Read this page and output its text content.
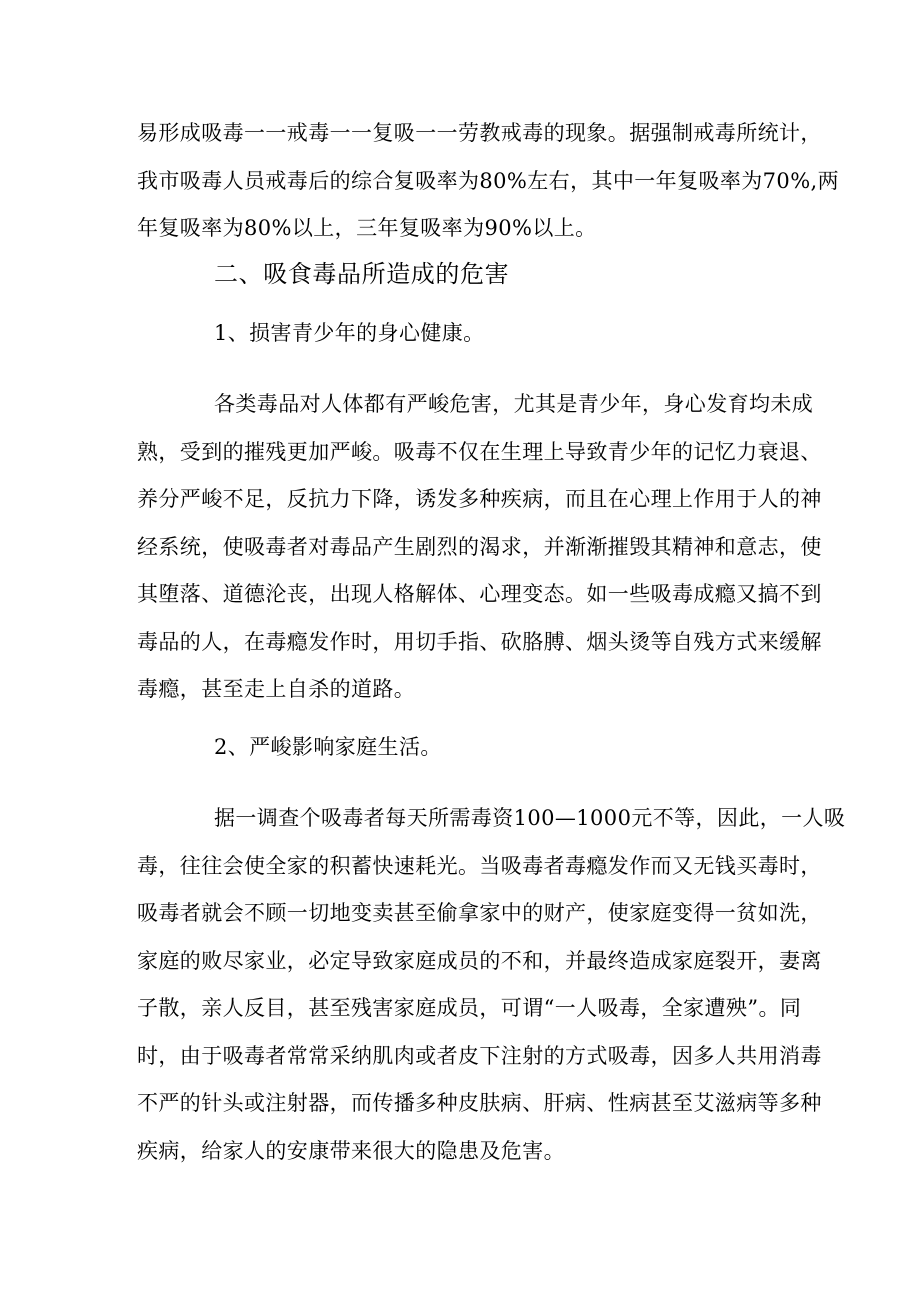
易形成吸毒一一戒毒一一复吸一一劳教戒毒的现象。据强制戒毒所统计，
我市吸毒人员戒毒后的综合复吸率为80%左右，其中一年复吸率为70%,两
年复吸率为80%以上，三年复吸率为90%以上。
二、吸食毒品所造成的危害
1、损害青少年的身心健康。
各类毒品对人体都有严峻危害，尤其是青少年，身心发育均未成
熟，受到的摧残更加严峻。吸毒不仅在生理上导致青少年的记忆力衰退、
养分严峻不足，反抗力下降，诱发多种疾病，而且在心理上作用于人的神
经系统，使吸毒者对毒品产生剧烈的渴求，并渐渐摧毁其精神和意志，使
其堕落、道德沦丧，出现人格解体、心理变态。如一些吸毒成瘾又搞不到
毒品的人，在毒瘾发作时，用切手指、砍胳膊、烟头烫等自残方式来缓解
毒瘾，甚至走上自杀的道路。
2、严峻影响家庭生活。
据一调查个吸毒者每天所需毒资100—1000元不等，因此，一人吸
毒，往往会使全家的积蓄快速耗光。当吸毒者毒瘾发作而又无钱买毒时，
吸毒者就会不顾一切地变卖甚至偷拿家中的财产，使家庭变得一贫如洗，
家庭的败尽家业，必定导致家庭成员的不和，并最终造成家庭裂开，妻离
子散，亲人反目，甚至残害家庭成员，可谓“一人吸毒，全家遭殃”。同
时，由于吸毒者常常采纳肌肉或者皮下注射的方式吸毒，因多人共用消毒
不严的针头或注射器，而传播多种皮肤病、肝病、性病甚至艾滋病等多种
疾病，给家人的安康带来很大的隐患及危害。
